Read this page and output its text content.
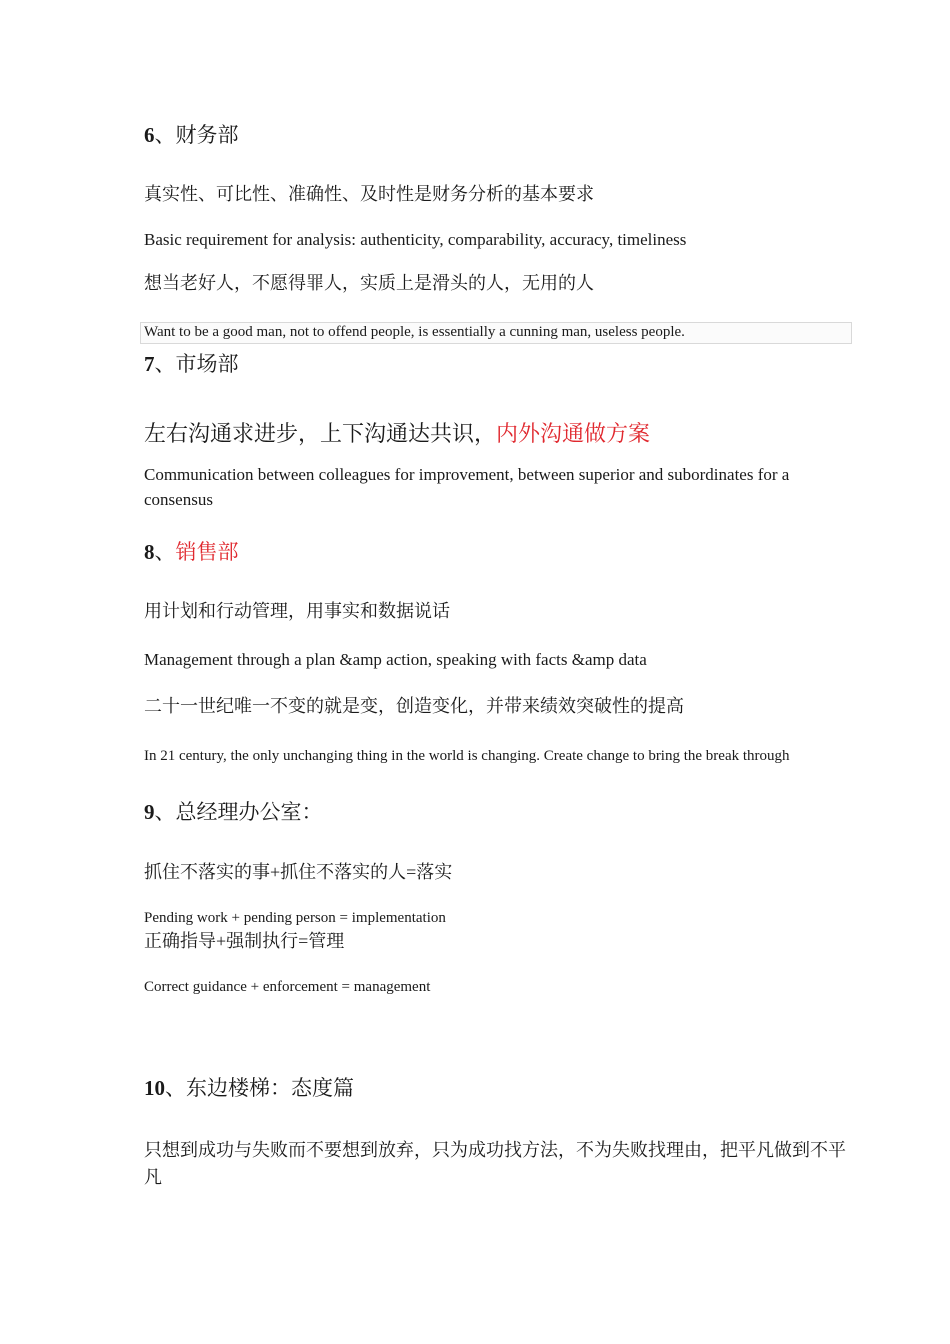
6、财务部
真实性、可比性、准确性、及时性是财务分析的基本要求
Basic requirement for analysis: authenticity, comparability, accuracy, timeliness
想当老好人，不愿得罪人，实质上是滑头的人，无用的人
Want to be a good man, not to offend people, is essentially a cunning man, useless people.
7、市场部
左右沟通求进步，上下沟通达共识，内外沟通做方案
Communication between colleagues for improvement, between superior and subordinates for a consensus
8、销售部
用计划和行动管理，用事实和数据说话
Management through a plan &amp action, speaking with facts &amp data
二十一世纪唯一不变的就是变，创造变化，并带来绩效突破性的提高
In 21 century, the only unchanging thing in the world is changing. Create change to bring the break through
9、总经理办公室：
抓住不落实的事+抓住不落实的人=落实
Pending work + pending person = implementation
正确指导+强制执行=管理
Correct guidance + enforcement = management
10、东边楼梯：态度篇
只想到成功与失败而不要想到放弃，只为成功找方法，不为失败找理由，把平凡做到不平凡
